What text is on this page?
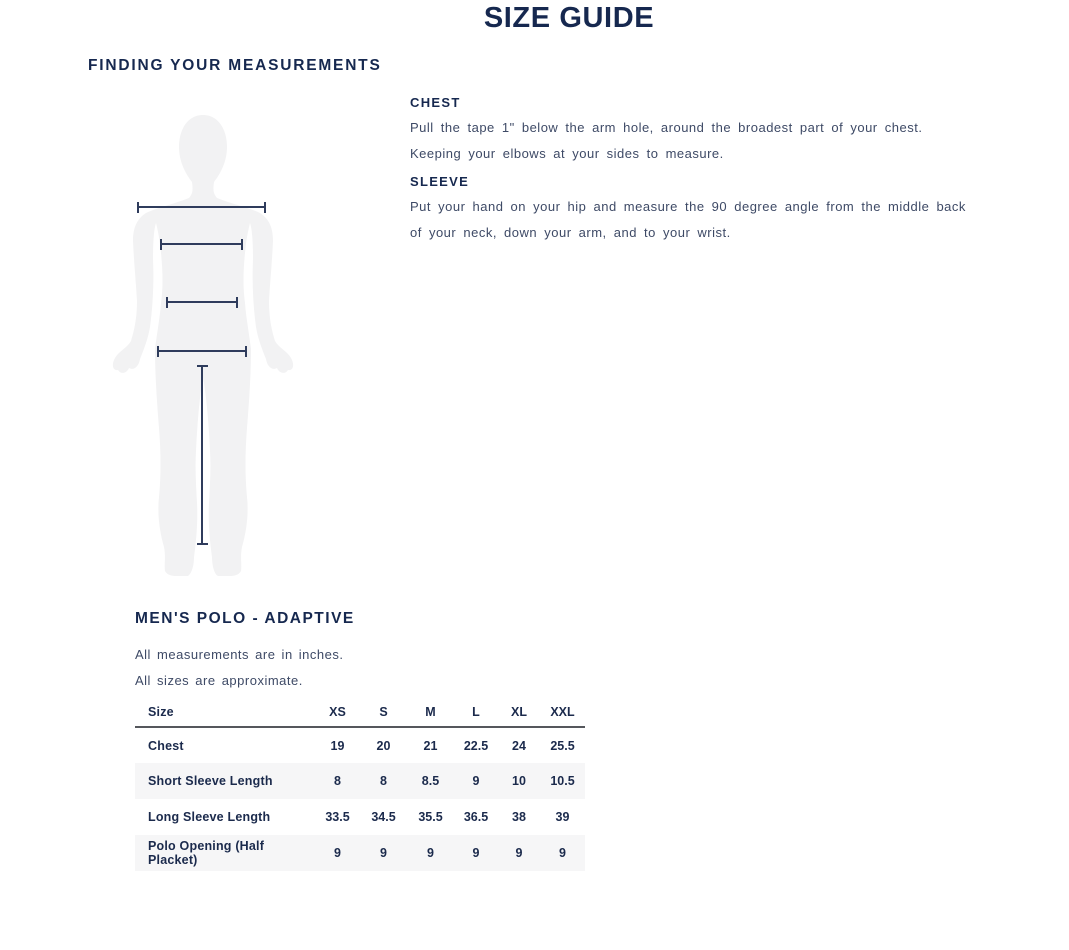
SIZE GUIDE
FINDING YOUR MEASUREMENTS
CHEST
Pull the tape 1" below the arm hole, around the broadest part of your chest.
Keeping your elbows at your sides to measure.
SLEEVE
Put your hand on your hip and measure the 90 degree angle from the middle back
of your neck, down your arm, and to your wrist.
MEN'S POLO - ADAPTIVE
All measurements are in inches.
All sizes are approximate.
Size	XS	S	M	L	XL	XXL
Chest	19	20	21	22.5	24	25.5
Short Sleeve Length	8	8	8.5	9	10	10.5
Long Sleeve Length	33.5	34.5	35.5	36.5	38	39
Polo Opening (Half Placket)	9	9	9	9	9	9
